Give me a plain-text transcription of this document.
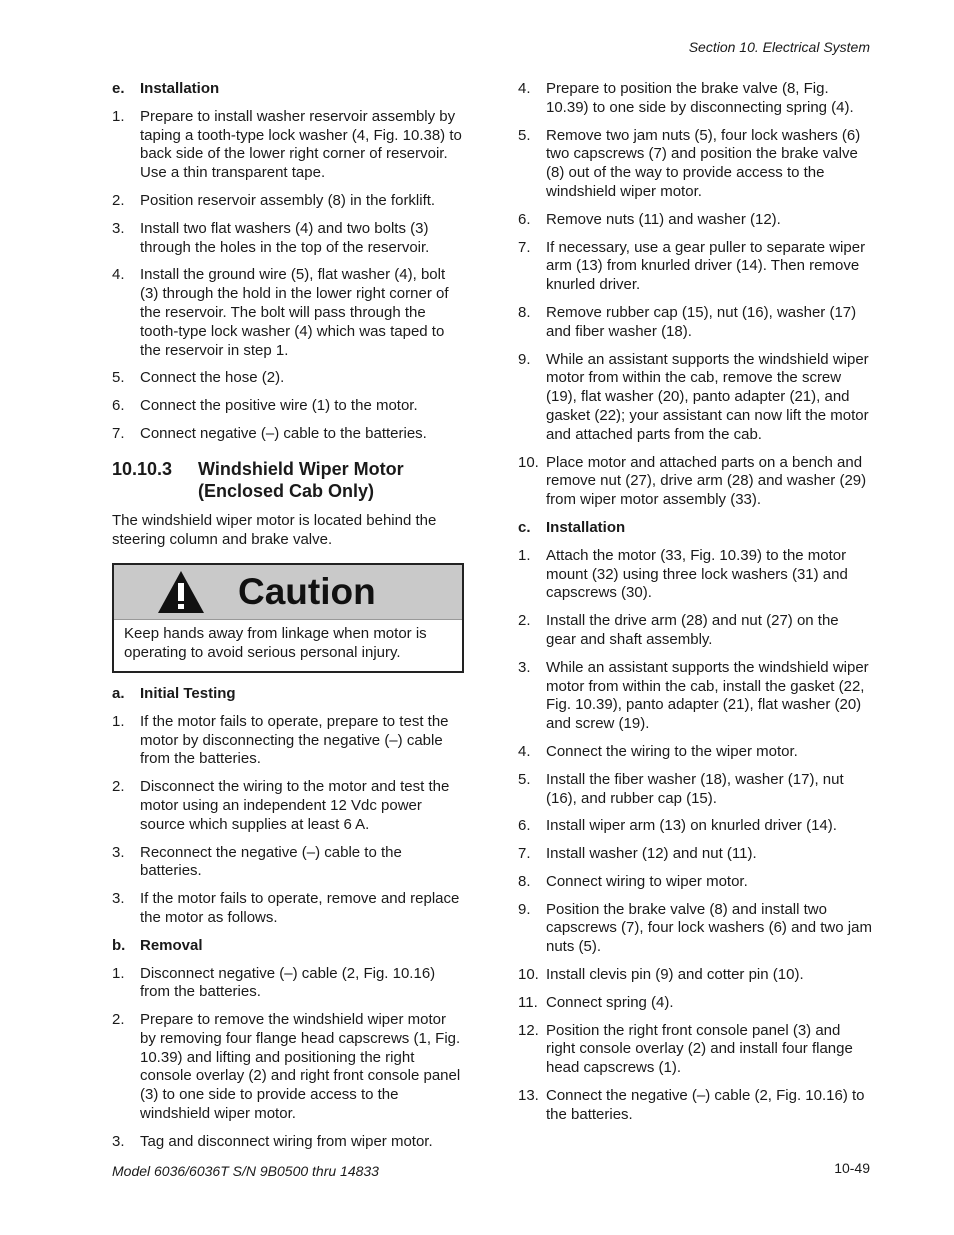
Section 10. Electrical System
e.	Installation
1.	Prepare to install washer reservoir assembly by taping a tooth-type lock washer (4, Fig. 10.38) to back side of the lower right corner of reservoir. Use a thin transparent tape.
2.	Position reservoir assembly (8) in the forklift.
3.	Install two flat washers (4) and two bolts (3) through the holes in the top of the reservoir.
4.	Install the ground wire (5), flat washer (4), bolt (3) through the hold in the lower right corner of the reservoir. The bolt will pass through the tooth-type lock washer (4) which was taped to the reservoir in step 1.
5.	Connect the hose (2).
6.	Connect the positive wire (1) to the motor.
7.	Connect negative (–) cable to the batteries.
10.10.3	Windshield Wiper Motor
(Enclosed Cab Only)
The windshield wiper motor is located behind the steering column and brake valve.
Caution
Keep hands away from linkage when motor is operating to avoid serious personal injury.
a.	Initial Testing
1.	If the motor fails to operate, prepare to test the motor by disconnecting the negative (–) cable from the batteries.
2.	Disconnect the wiring to the motor and test the motor using an independent 12 Vdc power source which supplies at least 6 A.
3.	Reconnect the negative (–) cable to the batteries.
3.	If the motor fails to operate, remove and replace the motor as follows.
b. Removal
1.	Disconnect negative (–) cable (2, Fig. 10.16) from the batteries.
2.	Prepare to remove the windshield wiper motor by removing four flange head capscrews (1, Fig. 10.39) and lifting and positioning the right console overlay (2) and right front console panel (3) to one side to provide access to the windshield wiper motor.
3.	Tag and disconnect wiring from wiper motor.
4.	Prepare to position the brake valve (8, Fig. 10.39) to one side by disconnecting spring (4).
5.	Remove two jam nuts (5), four lock washers (6) two capscrews (7) and position the brake valve (8) out of the way to provide access to the windshield wiper motor.
6.	Remove nuts (11) and washer (12).
7.	If necessary, use a gear puller to separate wiper arm (13) from knurled driver (14). Then remove knurled driver.
8.	Remove rubber cap (15), nut (16), washer (17) and fiber washer (18).
9.	While an assistant supports the windshield wiper motor from within the cab, remove the screw (19), flat washer (20), panto adapter (21), and gasket (22); your assistant can now lift the motor and attached parts from the cab.
10. Place motor and attached parts on a bench and remove nut (27), drive arm (28) and washer (29) from wiper motor assembly (33).
c.	Installation
1.	Attach the motor (33, Fig. 10.39) to the motor mount (32) using three lock washers (31) and capscrews (30).
2.	Install the drive arm (28) and nut (27) on the gear and shaft assembly.
3.	While an assistant supports the windshield wiper motor from within the cab, install the gasket (22, Fig. 10.39), panto adapter (21), flat washer (20) and screw (19).
4.	Connect the wiring to the wiper motor.
5.	Install the fiber washer (18), washer (17), nut (16), and rubber cap (15).
6.	Install wiper arm (13) on knurled driver (14).
7.	Install washer (12) and nut (11).
8.	Connect wiring to wiper motor.
9.	Position the brake valve (8) and install two capscrews (7), four lock washers (6) and two jam nuts (5).
10. Install clevis pin (9) and cotter pin (10).
11. Connect spring (4).
12. Position the right front console panel (3) and right console overlay (2) and install four flange head capscrews (1).
13. Connect the negative (–) cable (2, Fig. 10.16) to the batteries.
Model 6036/6036T S/N 9B0500 thru 14833	10-49
